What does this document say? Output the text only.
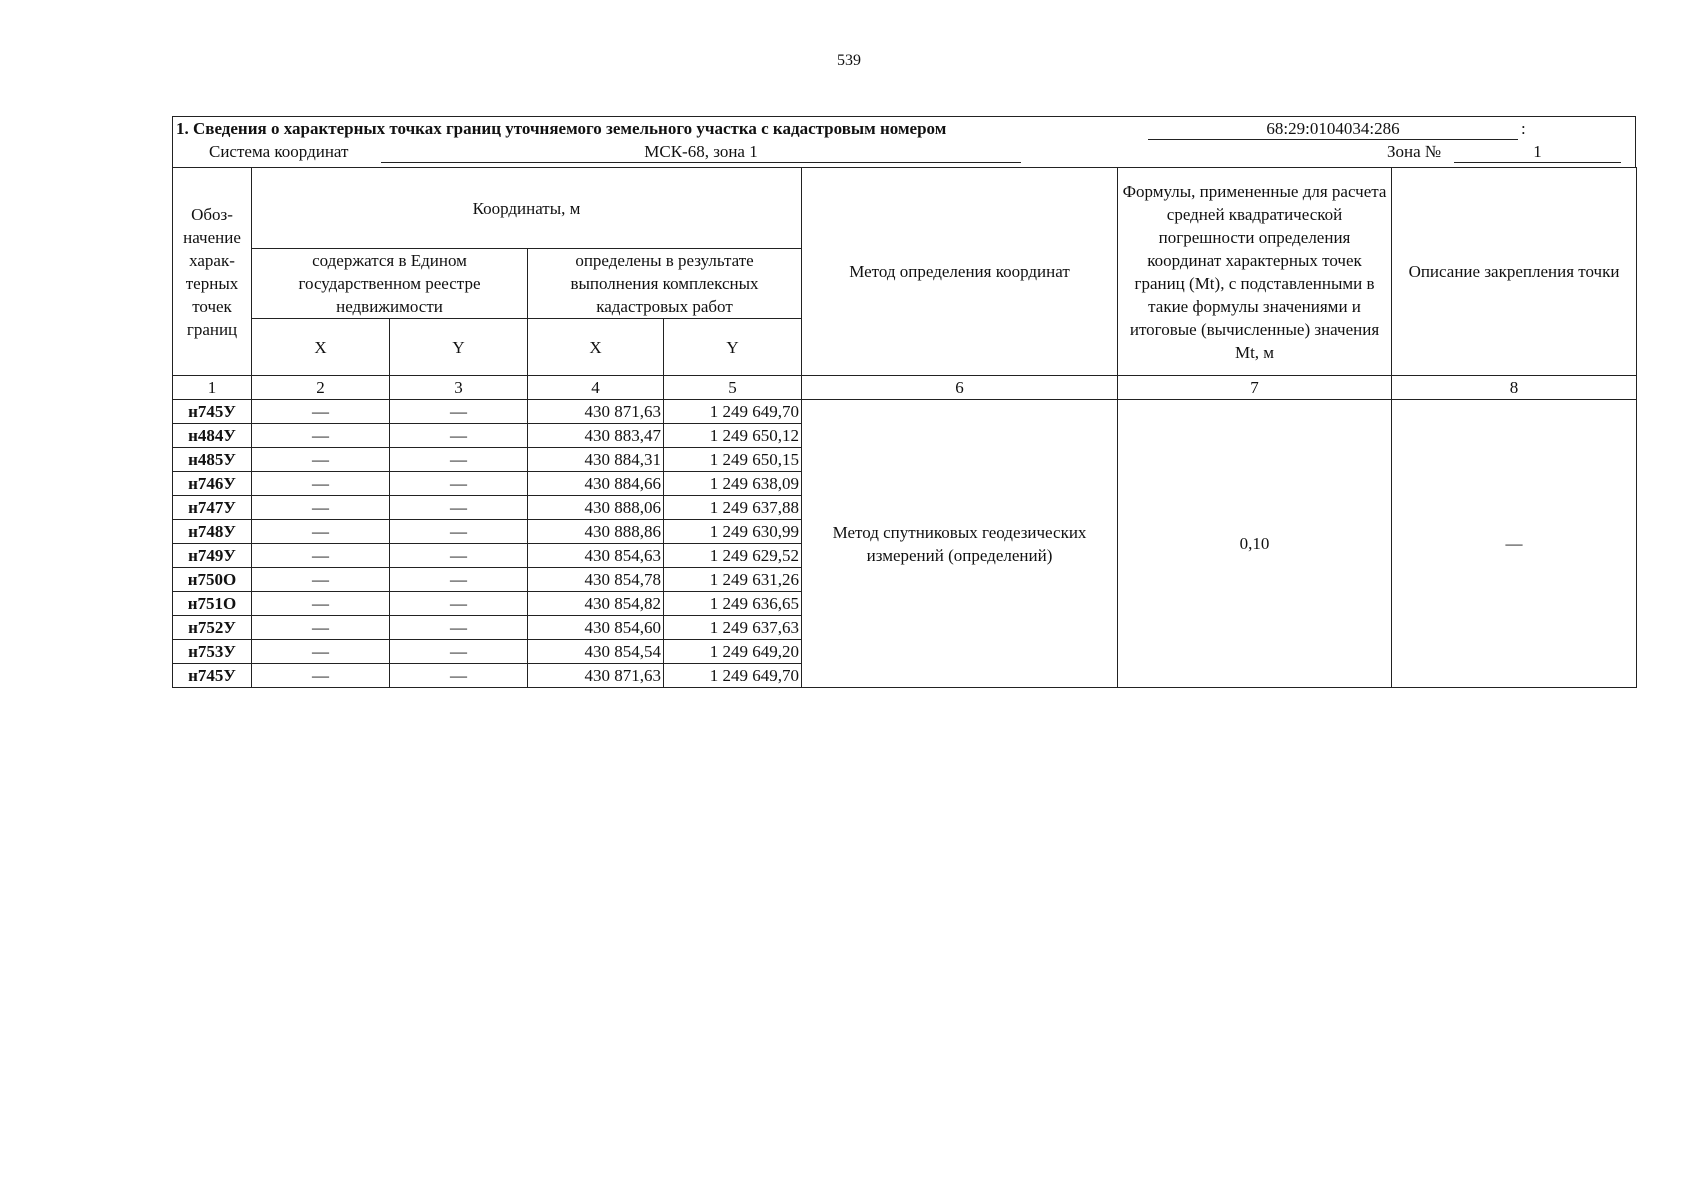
539
1. Сведения о характерных точках границ уточняемого земельного участка с кадастровым номером	68:29:0104034:286	:
Система координат	МСК-68, зона 1	Зона №	1
Обоз-начение харак-терных точек границ	Координаты, м				Метод определения координат	Формулы, примененные для расчета средней квадратической погрешности определения координат характерных точек границ (Mt), с подставленными в такие формулы значениями и итоговые (вычисленные) значения Mt, м	Описание закрепления точки
	содержатся в Едином государственном реестре недвижимости		определены в результате выполнения комплексных кадастровых работ				
	X	Y	X	Y			
1	2	3	4	5	6	7	8
н745У	—	—	430 871,63	1 249 649,70	Метод спутниковых геодезических измерений (определений)	0,10	—
н484У	—	—	430 883,47	1 249 650,12			
н485У	—	—	430 884,31	1 249 650,15			
н746У	—	—	430 884,66	1 249 638,09			
н747У	—	—	430 888,06	1 249 637,88			
н748У	—	—	430 888,86	1 249 630,99			
н749У	—	—	430 854,63	1 249 629,52			
н750О	—	—	430 854,78	1 249 631,26			
н751О	—	—	430 854,82	1 249 636,65			
н752У	—	—	430 854,60	1 249 637,63			
н753У	—	—	430 854,54	1 249 649,20			
н745У	—	—	430 871,63	1 249 649,70			
